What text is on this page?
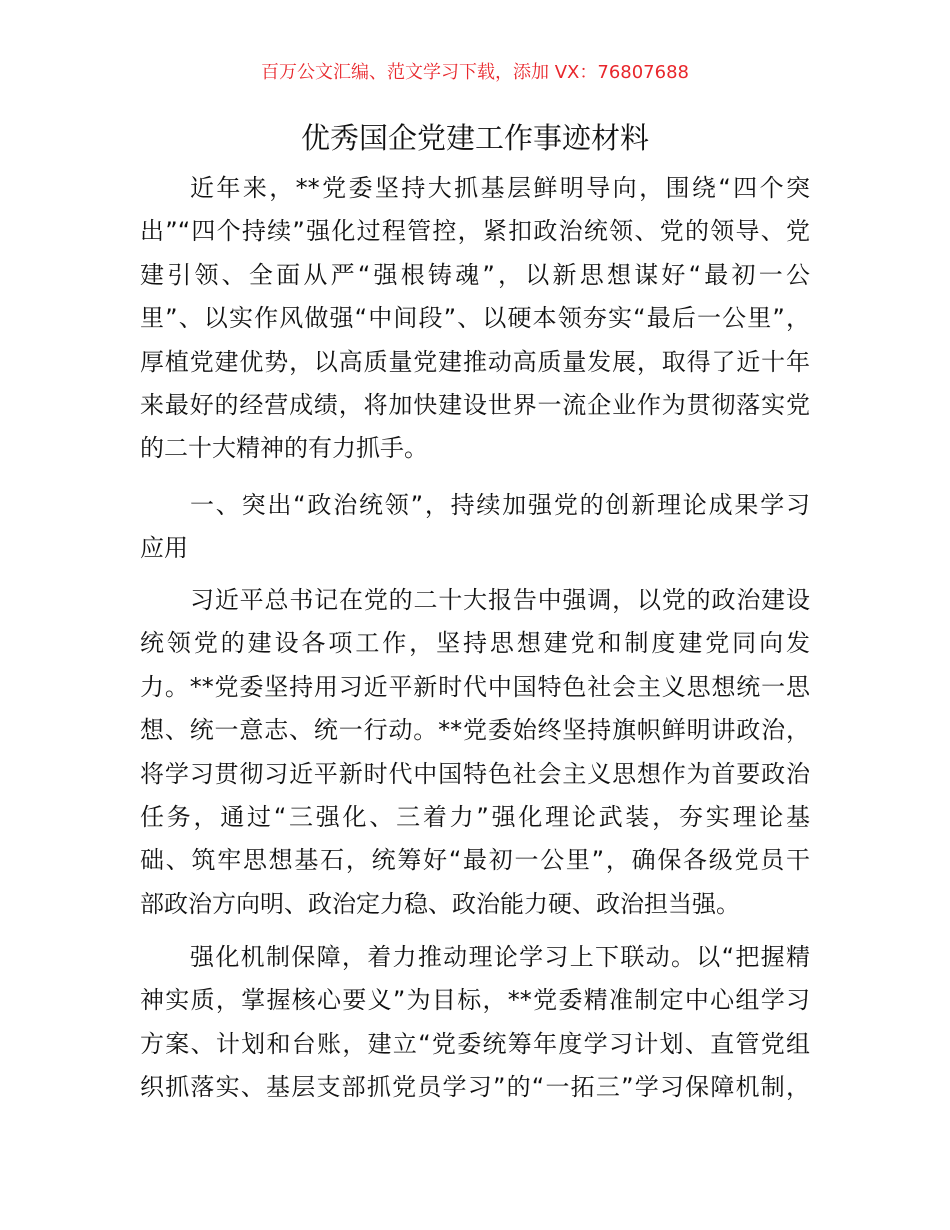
百万公文汇编、范文学习下载，添加 VX：76807688
优秀国企党建工作事迹材料
近年来，**党委坚持大抓基层鲜明导向，围绕“四个突
出”“四个持续”强化过程管控，紧扣政治统领、党的领导、党
建引领、全面从严“强根铸魂”，以新思想谋好“最初一公
里”、以实作风做强“中间段”、以硬本领夯实“最后一公里”，
厚植党建优势，以高质量党建推动高质量发展，取得了近十年
来最好的经营成绩，将加快建设世界一流企业作为贯彻落实党
的二十大精神的有力抓手。
一、突出“政治统领”，持续加强党的创新理论成果学习
应用
习近平总书记在党的二十大报告中强调，以党的政治建设
统领党的建设各项工作，坚持思想建党和制度建党同向发
力。**党委坚持用习近平新时代中国特色社会主义思想统一思
想、统一意志、统一行动。**党委始终坚持旗帜鲜明讲政治，
将学习贯彻习近平新时代中国特色社会主义思想作为首要政治
任务，通过“三强化、三着力”强化理论武装，夯实理论基
础、筑牢思想基石，统筹好“最初一公里”，确保各级党员干
部政治方向明、政治定力稳、政治能力硬、政治担当强。
强化机制保障，着力推动理论学习上下联动。以“把握精
神实质，掌握核心要义”为目标，**党委精准制定中心组学习
方案、计划和台账，建立“党委统筹年度学习计划、直管党组
织抓落实、基层支部抓党员学习”的“一拓三”学习保障机制，
